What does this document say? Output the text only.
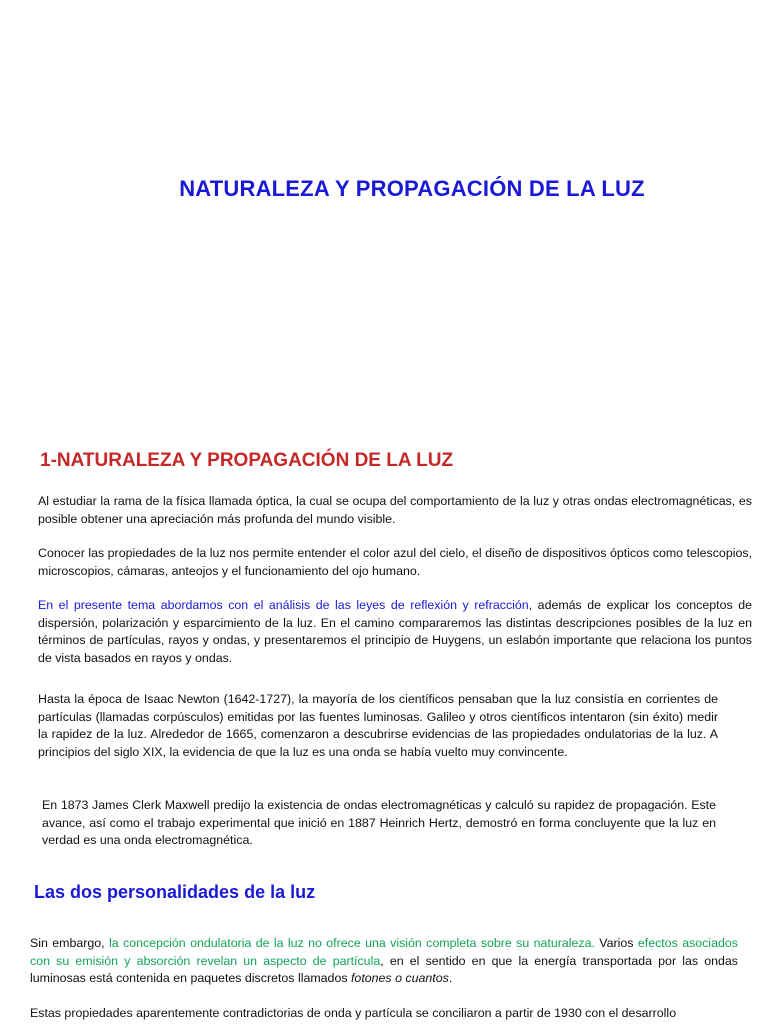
NATURALEZA Y PROPAGACIÓN DE LA LUZ
1-NATURALEZA Y PROPAGACIÓN DE LA LUZ

Al estudiar la rama de la física llamada óptica, la cual se ocupa del comportamiento de la luz y otras ondas electromagnéticas, es posible obtener una apreciación más profunda del mundo visible.

Conocer las propiedades de la luz nos permite entender el color azul del cielo, el diseño de dispositivos ópticos como telescopios, microscopios, cámaras, anteojos y el funcionamiento del ojo humano.

En el presente tema abordamos con el análisis de las leyes de reflexión y refracción, además de explicar los conceptos de dispersión, polarización y esparcimiento de la luz. En el camino compararemos las distintas descripciones posibles de la luz en términos de partículas, rayos y ondas, y presentaremos el principio de Huygens, un eslabón importante que relaciona los puntos de vista basados en rayos y ondas.

Hasta la época de Isaac Newton (1642-1727), la mayoría de los científicos pensaban que la luz consistía en corrientes de partículas (llamadas corpúsculos) emitidas por las fuentes luminosas. Galileo y otros científicos intentaron (sin éxito) medir la rapidez de la luz. Alrededor de 1665, comenzaron a descubrirse evidencias de las propiedades ondulatorias de la luz. A principios del siglo XIX, la evidencia de que la luz es una onda se había vuelto muy convincente.

En 1873 James Clerk Maxwell predijo la existencia de ondas electromagnéticas y calculó su rapidez de propagación. Este avance, así como el trabajo experimental que inició en 1887 Heinrich Hertz, demostró en forma concluyente que la luz en verdad es una onda electromagnética.

Las dos personalidades de la luz

Sin embargo, la concepción ondulatoria de la luz no ofrece una visión completa sobre su naturaleza. Varios efectos asociados con su emisión y absorción revelan un aspecto de partícula, en el sentido en que la energía transportada por las ondas luminosas está contenida en paquetes discretos llamados fotones o cuantos.

Estas propiedades aparentemente contradictorias de onda y partícula se conciliaron a partir de 1930 con el desarrollo
